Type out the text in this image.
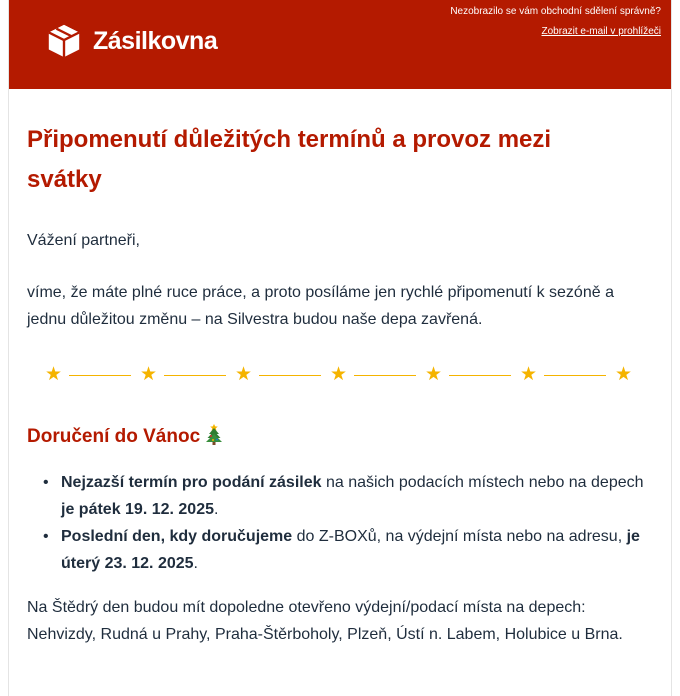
Zásilkovna
Nezobrazilo se vám obchodní sdělení správně?
Zobrazit e-mail v prohlížeči
Připomenutí důležitých termínů a provoz mezi svátky

Vážení partneři,

víme, že máte plné ruce práce, a proto posíláme jen rychlé připomenutí k sezóně a jednu důležitou změnu – na Silvestra budou naše depa zavřená.

★	★	★	★	★	★	★
Doručení do Vánoc
• Nejzazší termín pro podání zásilek na našich podacích místech nebo na depech je pátek 19. 12. 2025.
• Poslední den, kdy doručujeme do Z-BOXů, na výdejní místa nebo na adresu, je úterý 23. 12. 2025.

Na Štědrý den budou mít dopoledne otevřeno výdejní/podací místa na depech: Nehvizdy, Rudná u Prahy, Praha-Štěrboholy, Plzeň, Ústí n. Labem, Holubice u Brna.
